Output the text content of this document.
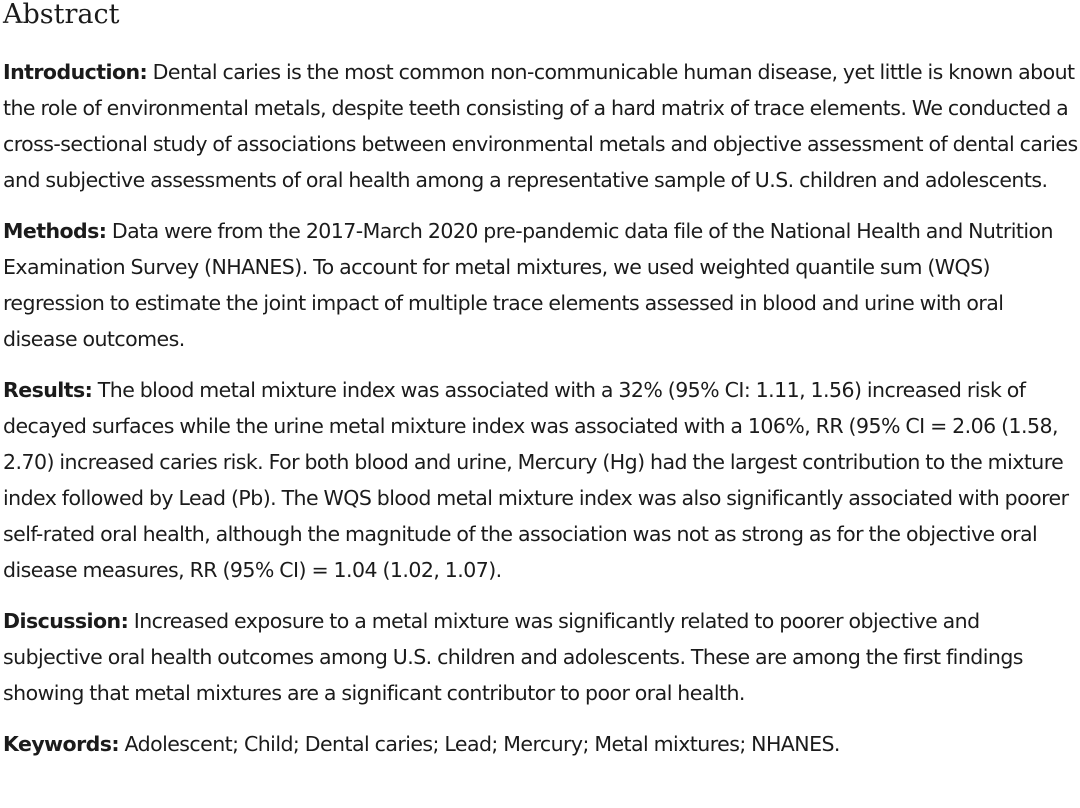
Abstract

Introduction: Dental caries is the most common non-communicable human disease, yet little is known about the role of environmental metals, despite teeth consisting of a hard matrix of trace elements. We conducted a cross-sectional study of associations between environmental metals and objective assessment of dental caries and subjective assessments of oral health among a representative sample of U.S. children and adolescents.

Methods: Data were from the 2017-March 2020 pre-pandemic data file of the National Health and Nutrition Examination Survey (NHANES). To account for metal mixtures, we used weighted quantile sum (WQS) regression to estimate the joint impact of multiple trace elements assessed in blood and urine with oral disease outcomes.

Results: The blood metal mixture index was associated with a 32% (95% CI: 1.11, 1.56) increased risk of decayed surfaces while the urine metal mixture index was associated with a 106%, RR (95% CI = 2.06 (1.58, 2.70) increased caries risk. For both blood and urine, Mercury (Hg) had the largest contribution to the mixture index followed by Lead (Pb). The WQS blood metal mixture index was also significantly associated with poorer self-rated oral health, although the magnitude of the association was not as strong as for the objective oral disease measures, RR (95% CI) = 1.04 (1.02, 1.07).

Discussion: Increased exposure to a metal mixture was significantly related to poorer objective and subjective oral health outcomes among U.S. children and adolescents. These are among the first findings showing that metal mixtures are a significant contributor to poor oral health.

Keywords: Adolescent; Child; Dental caries; Lead; Mercury; Metal mixtures; NHANES.
